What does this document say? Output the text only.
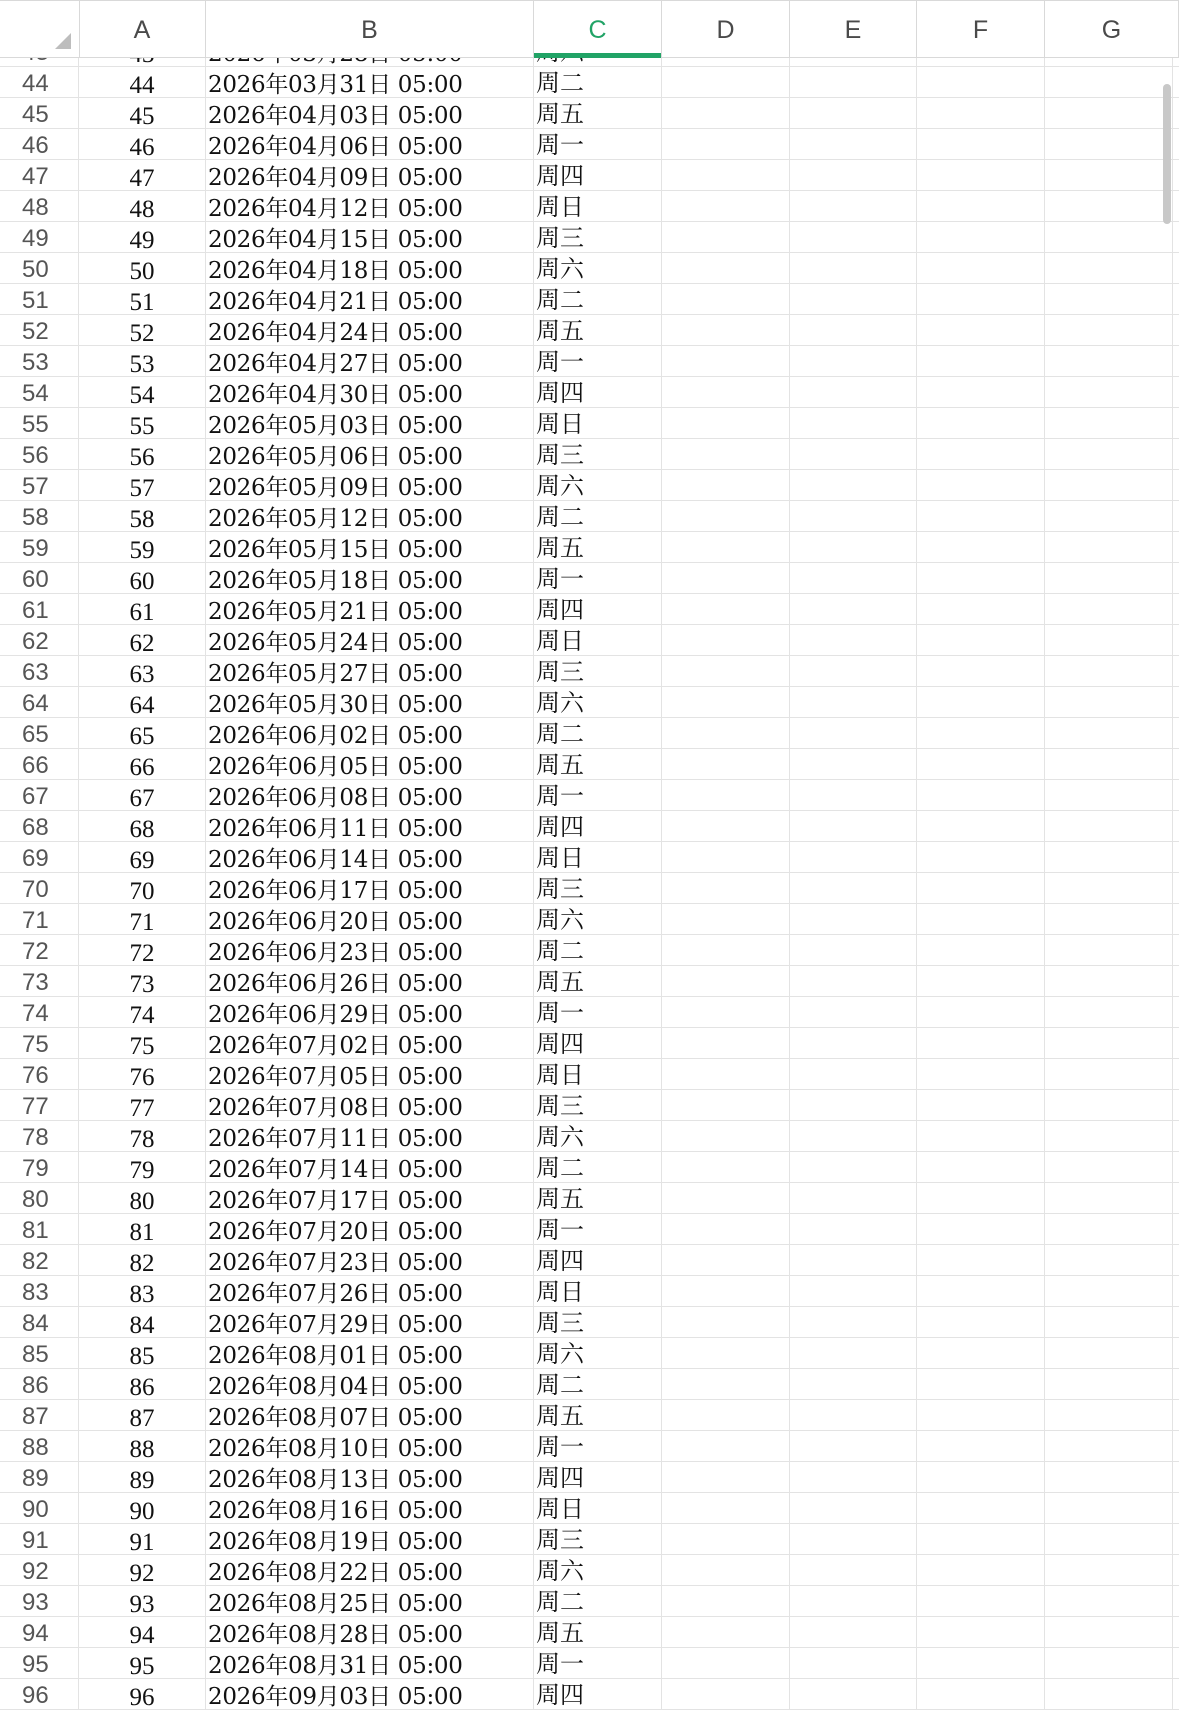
A	B	C	D	E	F	G
44	44	2026年03月31日 05:00	周二
45	45	2026年04月03日 05:00	周五
46	46	2026年04月06日 05:00	周一
47	47	2026年04月09日 05:00	周四
48	48	2026年04月12日 05:00	周日
49	49	2026年04月15日 05:00	周三
50	50	2026年04月18日 05:00	周六
51	51	2026年04月21日 05:00	周二
52	52	2026年04月24日 05:00	周五
53	53	2026年04月27日 05:00	周一
54	54	2026年04月30日 05:00	周四
55	55	2026年05月03日 05:00	周日
56	56	2026年05月06日 05:00	周三
57	57	2026年05月09日 05:00	周六
58	58	2026年05月12日 05:00	周二
59	59	2026年05月15日 05:00	周五
60	60	2026年05月18日 05:00	周一
61	61	2026年05月21日 05:00	周四
62	62	2026年05月24日 05:00	周日
63	63	2026年05月27日 05:00	周三
64	64	2026年05月30日 05:00	周六
65	65	2026年06月02日 05:00	周二
66	66	2026年06月05日 05:00	周五
67	67	2026年06月08日 05:00	周一
68	68	2026年06月11日 05:00	周四
69	69	2026年06月14日 05:00	周日
70	70	2026年06月17日 05:00	周三
71	71	2026年06月20日 05:00	周六
72	72	2026年06月23日 05:00	周二
73	73	2026年06月26日 05:00	周五
74	74	2026年06月29日 05:00	周一
75	75	2026年07月02日 05:00	周四
76	76	2026年07月05日 05:00	周日
77	77	2026年07月08日 05:00	周三
78	78	2026年07月11日 05:00	周六
79	79	2026年07月14日 05:00	周二
80	80	2026年07月17日 05:00	周五
81	81	2026年07月20日 05:00	周一
82	82	2026年07月23日 05:00	周四
83	83	2026年07月26日 05:00	周日
84	84	2026年07月29日 05:00	周三
85	85	2026年08月01日 05:00	周六
86	86	2026年08月04日 05:00	周二
87	87	2026年08月07日 05:00	周五
88	88	2026年08月10日 05:00	周一
89	89	2026年08月13日 05:00	周四
90	90	2026年08月16日 05:00	周日
91	91	2026年08月19日 05:00	周三
92	92	2026年08月22日 05:00	周六
93	93	2026年08月25日 05:00	周二
94	94	2026年08月28日 05:00	周五
95	95	2026年08月31日 05:00	周一
96	96	2026年09月03日 05:00	周四
